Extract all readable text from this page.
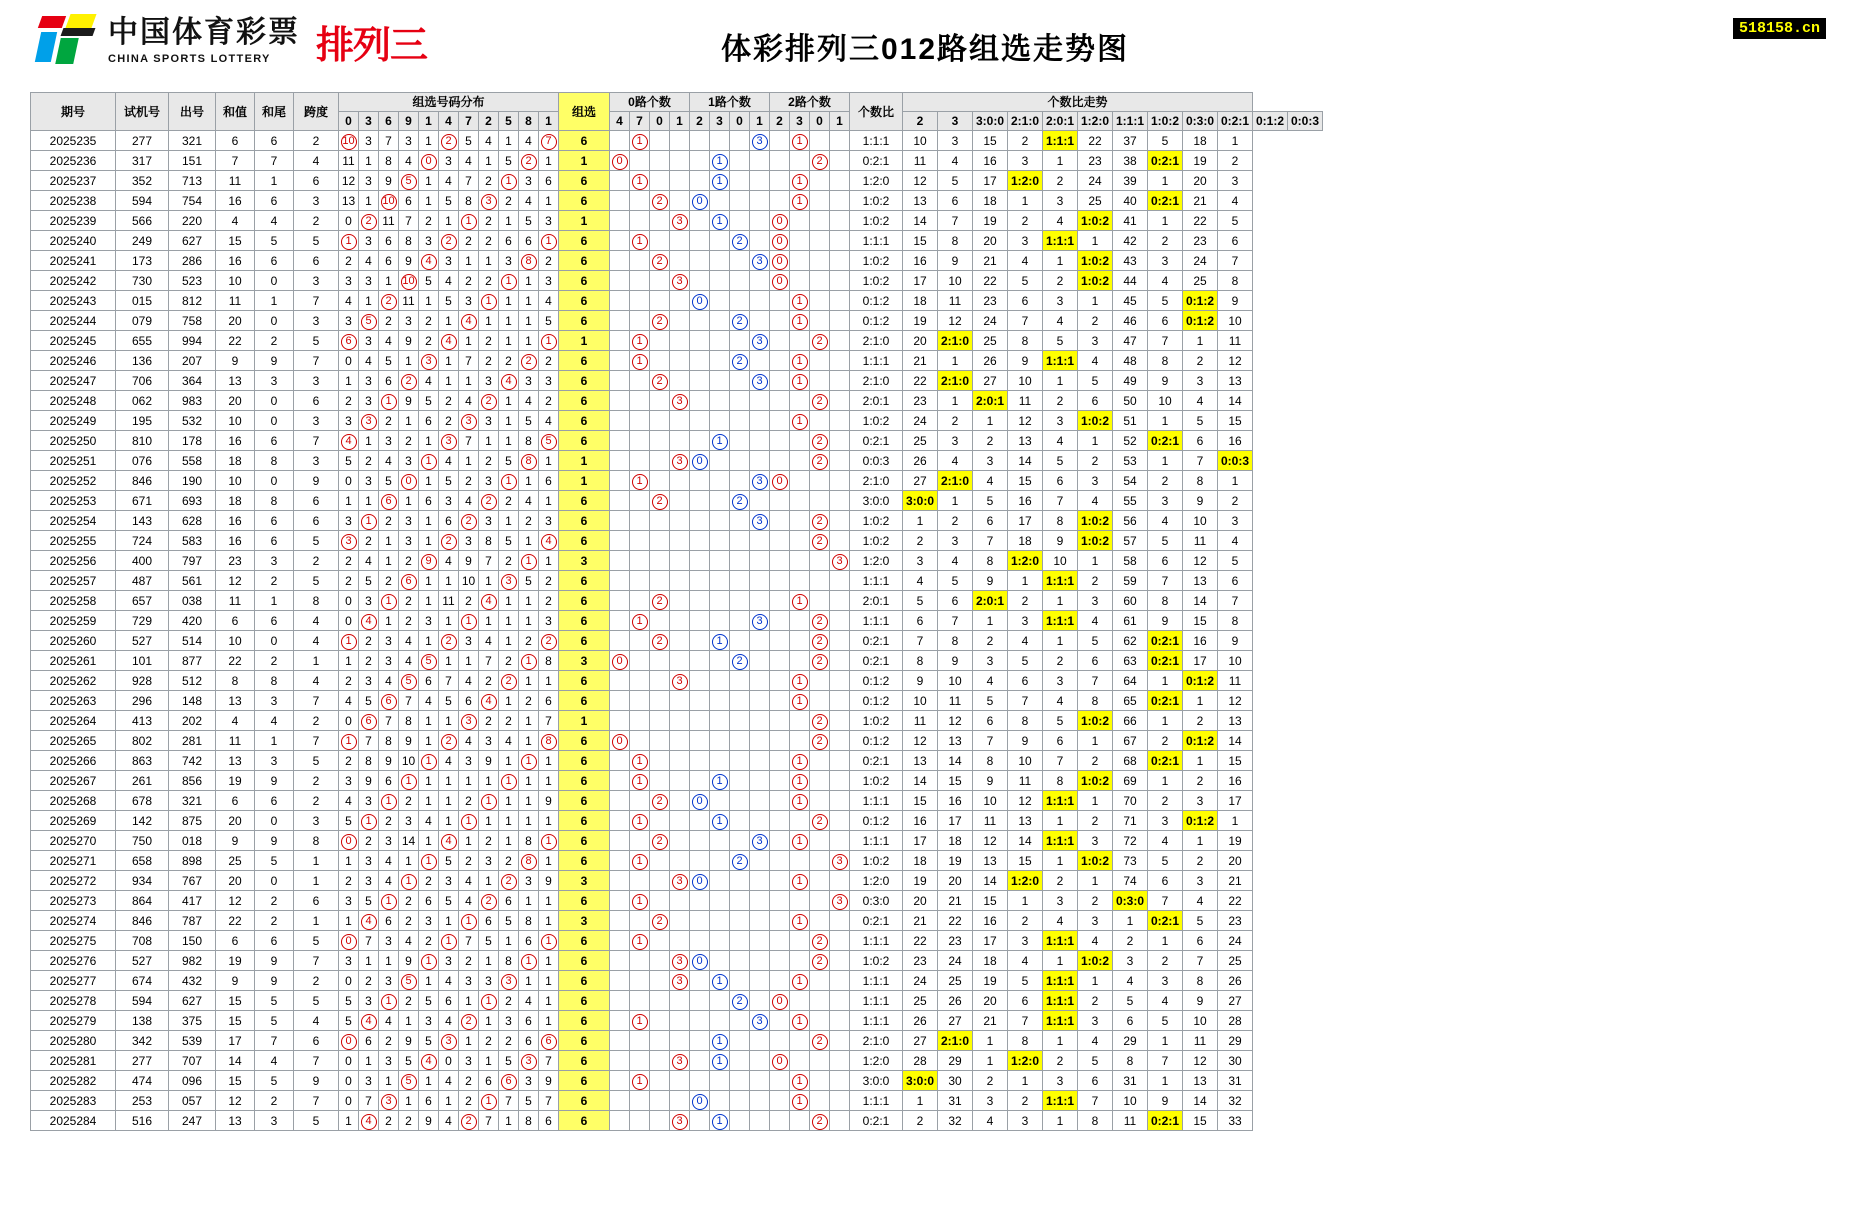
中国体育彩票
CHINA SPORTS LOTTERY	排列三	体彩排列三012路组选走势图
518158.cn
期号	试机号	出号	和值	和尾	跨度	组选号码分布											组选	0路个数				1路个数				2路个数				个数比	个数比走势											
						0	3	6	9	1	4	7	2	5	8	1		4	7	0	1	2	3	0	1	2	3	0	1		2	3	3:0:0	2:1:0	2:0:1	1:2:0	1:1:1	1:0:2	0:3:0	0:2:1	0:1:2	0:0:3
2025235	277	321	6	6	2	10	3	7	3	1	2	5	4	1	4	7	6		1						3		1			1:1:1	10	3	15	2	1:1:1	22	37	5	18	1		
2025236	317	151	7	7	4	11	1	8	4	0	3	4	1	5	2	1	1	0					1					2		0:2:1	11	4	16	3	1	23	38	0:2:1	19	2		
2025237	352	713	11	1	6	12	3	9	5	1	4	7	2	1	3	6	6		1				1				1			1:2:0	12	5	17	1:2:0	2	24	39	1	20	3		
2025238	594	754	16	6	3	13	1	10	6	1	5	8	3	2	4	1	6			2		0					1			1:0:2	13	6	18	1	3	25	40	0:2:1	21	4		
2025239	566	220	4	4	2	0	2	11	7	2	1	1	2	1	5	3	1				3		1			0				1:0:2	14	7	19	2	4	1:0:2	41	1	22	5		
2025240	249	627	15	5	5	1	3	6	8	3	2	2	2	6	6	1	6		1					2		0				1:1:1	15	8	20	3	1:1:1	1	42	2	23	6		
2025241	173	286	16	6	6	2	4	6	9	4	3	1	1	3	8	2	6			2					3	0				1:0:2	16	9	21	4	1	1:0:2	43	3	24	7		
2025242	730	523	10	0	3	3	3	1	10	5	4	2	2	1	1	3	6				3					0				1:0:2	17	10	22	5	2	1:0:2	44	4	25	8		
2025243	015	812	11	1	7	4	1	2	11	1	5	3	1	1	1	4	6					0					1			0:1:2	18	11	23	6	3	1	45	5	0:1:2	9		
2025244	079	758	20	0	3	3	5	2	3	2	1	4	1	1	1	5	6			2				2			1			0:1:2	19	12	24	7	4	2	46	6	0:1:2	10		
2025245	655	994	22	2	5	6	3	4	9	2	4	1	2	1	1	1	1		1						3			2		2:1:0	20	2:1:0	25	8	5	3	47	7	1	11		
2025246	136	207	9	9	7	0	4	5	1	3	1	7	2	2	2	2	6		1					2			1			1:1:1	21	1	26	9	1:1:1	4	48	8	2	12		
2025247	706	364	13	3	3	1	3	6	2	4	1	1	3	4	3	3	6			2					3		1			2:1:0	22	2:1:0	27	10	1	5	49	9	3	13		
2025248	062	983	20	0	6	2	3	1	9	5	2	4	2	1	4	2	6				3							2		2:0:1	23	1	2:0:1	11	2	6	50	10	4	14		
2025249	195	532	10	0	3	3	3	2	1	6	2	3	3	1	5	4	6										1			1:0:2	24	2	1	12	3	1:0:2	51	1	5	15		
2025250	810	178	16	6	7	4	1	3	2	1	3	7	1	1	8	5	6						1					2		0:2:1	25	3	2	13	4	1	52	0:2:1	6	16		
2025251	076	558	18	8	3	5	2	4	3	1	4	1	2	5	8	1	1				3	0						2		0:0:3	26	4	3	14	5	2	53	1	7	0:0:3		
2025252	846	190	10	0	9	0	3	5	0	1	5	2	3	1	1	6	1		1						3	0				2:1:0	27	2:1:0	4	15	6	3	54	2	8	1		
2025253	671	693	18	8	6	1	1	6	1	6	3	4	2	2	4	1	6			2				2						3:0:0	3:0:0	1	5	16	7	4	55	3	9	2		
2025254	143	628	16	6	6	3	1	2	3	1	6	2	3	1	2	3	6								3			2		1:0:2	1	2	6	17	8	1:0:2	56	4	10	3		
2025255	724	583	16	6	5	3	2	1	3	1	2	3	8	5	1	4	6											2		1:0:2	2	3	7	18	9	1:0:2	57	5	11	4		
2025256	400	797	23	3	2	2	4	1	2	9	4	9	7	2	1	1	3												3	1:2:0	3	4	8	1:2:0	10	1	58	6	12	5		
2025257	487	561	12	2	5	2	5	2	6	1	1	10	1	3	5	2	6													1:1:1	4	5	9	1	1:1:1	2	59	7	13	6		
2025258	657	038	11	1	8	0	3	1	2	1	11	2	4	1	1	2	6			2							1			2:0:1	5	6	2:0:1	2	1	3	60	8	14	7		
2025259	729	420	6	6	4	0	4	1	2	3	1	1	1	1	1	3	6		1						3			2		1:1:1	6	7	1	3	1:1:1	4	61	9	15	8		
2025260	527	514	10	0	4	1	2	3	4	1	2	3	4	1	2	2	6			2			1					2		0:2:1	7	8	2	4	1	5	62	0:2:1	16	9		
2025261	101	877	22	2	1	1	2	3	4	5	1	1	7	2	1	8	3	0						2				2		0:2:1	8	9	3	5	2	6	63	0:2:1	17	10		
2025262	928	512	8	8	4	2	3	4	5	6	7	4	2	2	1	1	6				3						1			0:1:2	9	10	4	6	3	7	64	1	0:1:2	11		
2025263	296	148	13	3	7	4	5	6	7	4	5	6	4	1	2	6	6										1			0:1:2	10	11	5	7	4	8	65	0:2:1	1	12		
2025264	413	202	4	4	2	0	6	7	8	1	1	3	2	2	1	7	1											2		1:0:2	11	12	6	8	5	1:0:2	66	1	2	13		
2025265	802	281	11	1	7	1	7	8	9	1	2	4	3	4	1	8	6	0										2		0:1:2	12	13	7	9	6	1	67	2	0:1:2	14		
2025266	863	742	13	3	5	2	8	9	10	1	4	3	9	1	1	1	6		1								1			0:2:1	13	14	8	10	7	2	68	0:2:1	1	15		
2025267	261	856	19	9	2	3	9	6	1	1	1	1	1	1	1	1	6		1				1				1			1:0:2	14	15	9	11	8	1:0:2	69	1	2	16		
2025268	678	321	6	6	2	4	3	1	2	1	1	2	1	1	1	9	6			2		0					1			1:1:1	15	16	10	12	1:1:1	1	70	2	3	17		
2025269	142	875	20	0	3	5	1	2	3	4	1	1	1	1	1	1	6		1				1					2		0:1:2	16	17	11	13	1	2	71	3	0:1:2	1		
2025270	750	018	9	9	8	0	2	3	14	1	4	1	2	1	8	1	6			2					3		1			1:1:1	17	18	12	14	1:1:1	3	72	4	1	19		
2025271	658	898	25	5	1	1	3	4	1	1	5	2	3	2	8	1	6		1					2					3	1:0:2	18	19	13	15	1	1:0:2	73	5	2	20		
2025272	934	767	20	0	1	2	3	4	1	2	3	4	1	2	3	9	3				3	0					1			1:2:0	19	20	14	1:2:0	2	1	74	6	3	21		
2025273	864	417	12	2	6	3	5	1	2	6	5	4	2	6	1	1	6		1										3	0:3:0	20	21	15	1	3	2	0:3:0	7	4	22		
2025274	846	787	22	2	1	1	4	6	2	3	1	1	6	5	8	1	3			2							1			0:2:1	21	22	16	2	4	3	1	0:2:1	5	23		
2025275	708	150	6	6	5	0	7	3	4	2	1	7	5	1	6	1	6		1									2		1:1:1	22	23	17	3	1:1:1	4	2	1	6	24		
2025276	527	982	19	9	7	3	1	1	9	1	3	2	1	8	1	1	6				3	0						2		1:0:2	23	24	18	4	1	1:0:2	3	2	7	25		
2025277	674	432	9	9	2	0	2	3	5	1	4	3	3	3	1	1	6				3		1				1			1:1:1	24	25	19	5	1:1:1	1	4	3	8	26		
2025278	594	627	15	5	5	5	3	1	2	5	6	1	1	2	4	1	6							2		0				1:1:1	25	26	20	6	1:1:1	2	5	4	9	27		
2025279	138	375	15	5	4	5	4	4	1	3	4	2	1	3	6	1	6		1						3		1			1:1:1	26	27	21	7	1:1:1	3	6	5	10	28		
2025280	342	539	17	7	6	0	6	2	9	5	3	1	2	2	6	6	6						1					2		2:1:0	27	2:1:0	1	8	1	4	29	1	11	29		
2025281	277	707	14	4	7	0	1	3	5	4	0	3	1	5	3	7	6				3		1			0				1:2:0	28	29	1	1:2:0	2	5	8	7	12	30		
2025282	474	096	15	5	9	0	3	1	5	1	4	2	6	6	3	9	6		1								1			3:0:0	3:0:0	30	2	1	3	6	31	1	13	31		
2025283	253	057	12	2	7	0	7	3	1	6	1	2	1	7	5	7	6					0					1			1:1:1	1	31	3	2	1:1:1	7	10	9	14	32		
2025284	516	247	13	3	5	1	4	2	2	9	4	2	7	1	8	6	6				3		1					2		0:2:1	2	32	4	3	1	8	11	0:2:1	15	33		
